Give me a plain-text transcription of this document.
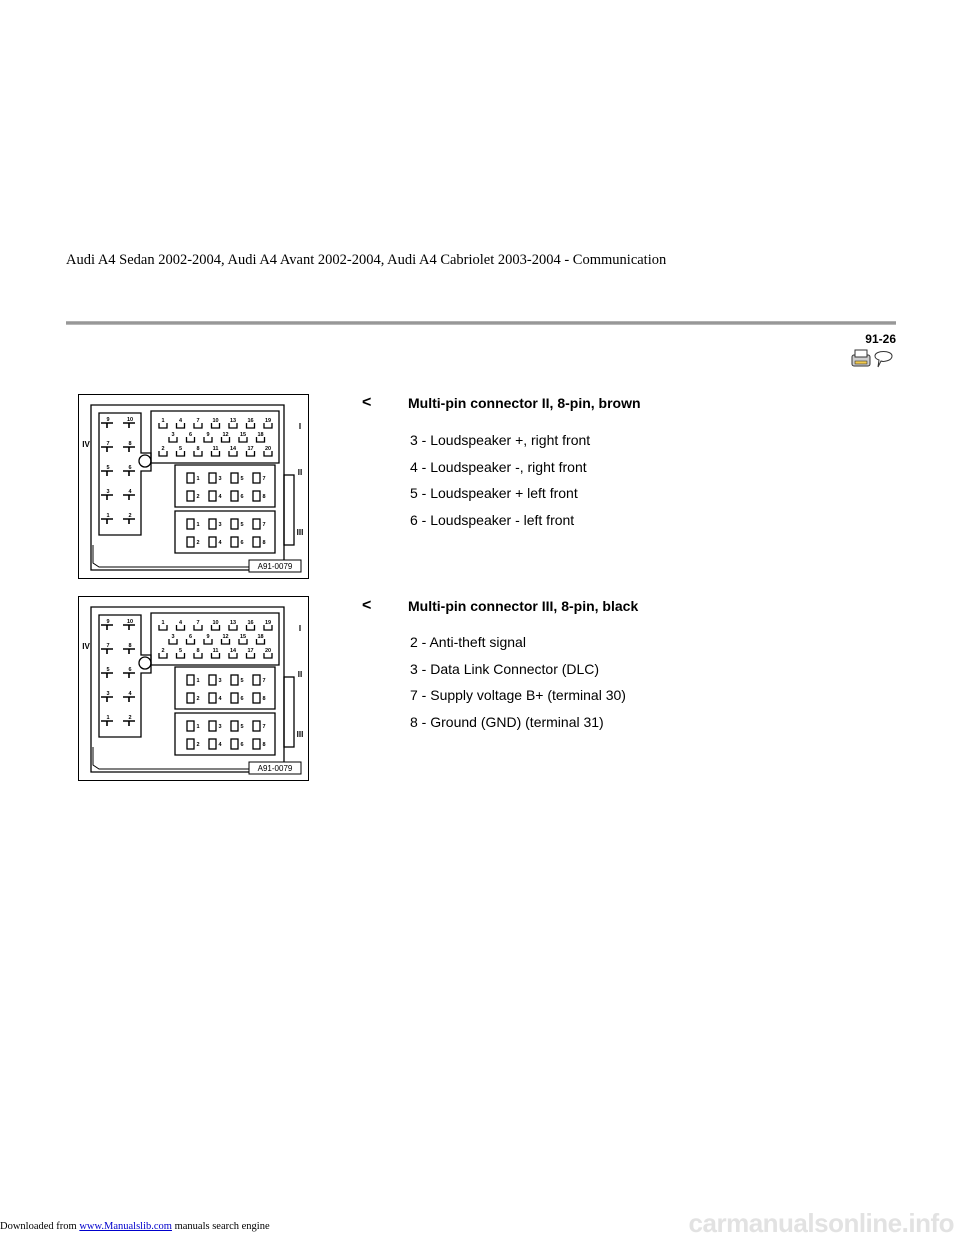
Audi A4 Sedan 2002-2004, Audi A4 Avant 2002-2004, Audi A4 Cabriolet 2003-2004 - Communication
91-26
9	10
7	8
5	6
3	4
1	2
1	4	7 10 13 16 19
3	6	9 12 15 18
2	5	8 11 14 17 20
1	3	5	7
2	4	6	8
1	3	5	7
2	4	6	8
I
II
III
IV
A91-0079
<	Multi-pin connector II, 8-pin, brown
3 - Loudspeaker +, right front
4 - Loudspeaker -, right front
5 - Loudspeaker + left front
6 - Loudspeaker - left front
9	10
7	8
5	6
3	4
1	2
1	4	7 10 13 16 19
3	6	9 12 15 18
2	5	8 11 14 17 20
1	3	5	7
2	4	6	8
1	3	5	7
2	4	6	8
I
II
III
IV
A91-0079
<	Multi-pin connector III, 8-pin, black
2 - Anti-theft signal
3 - Data Link Connector (DLC)
7 - Supply voltage B+ (terminal 30)
8 - Ground (GND) (terminal 31)
Downloaded from www.Manualslib.com manuals search engine	carmanualsonline.info
